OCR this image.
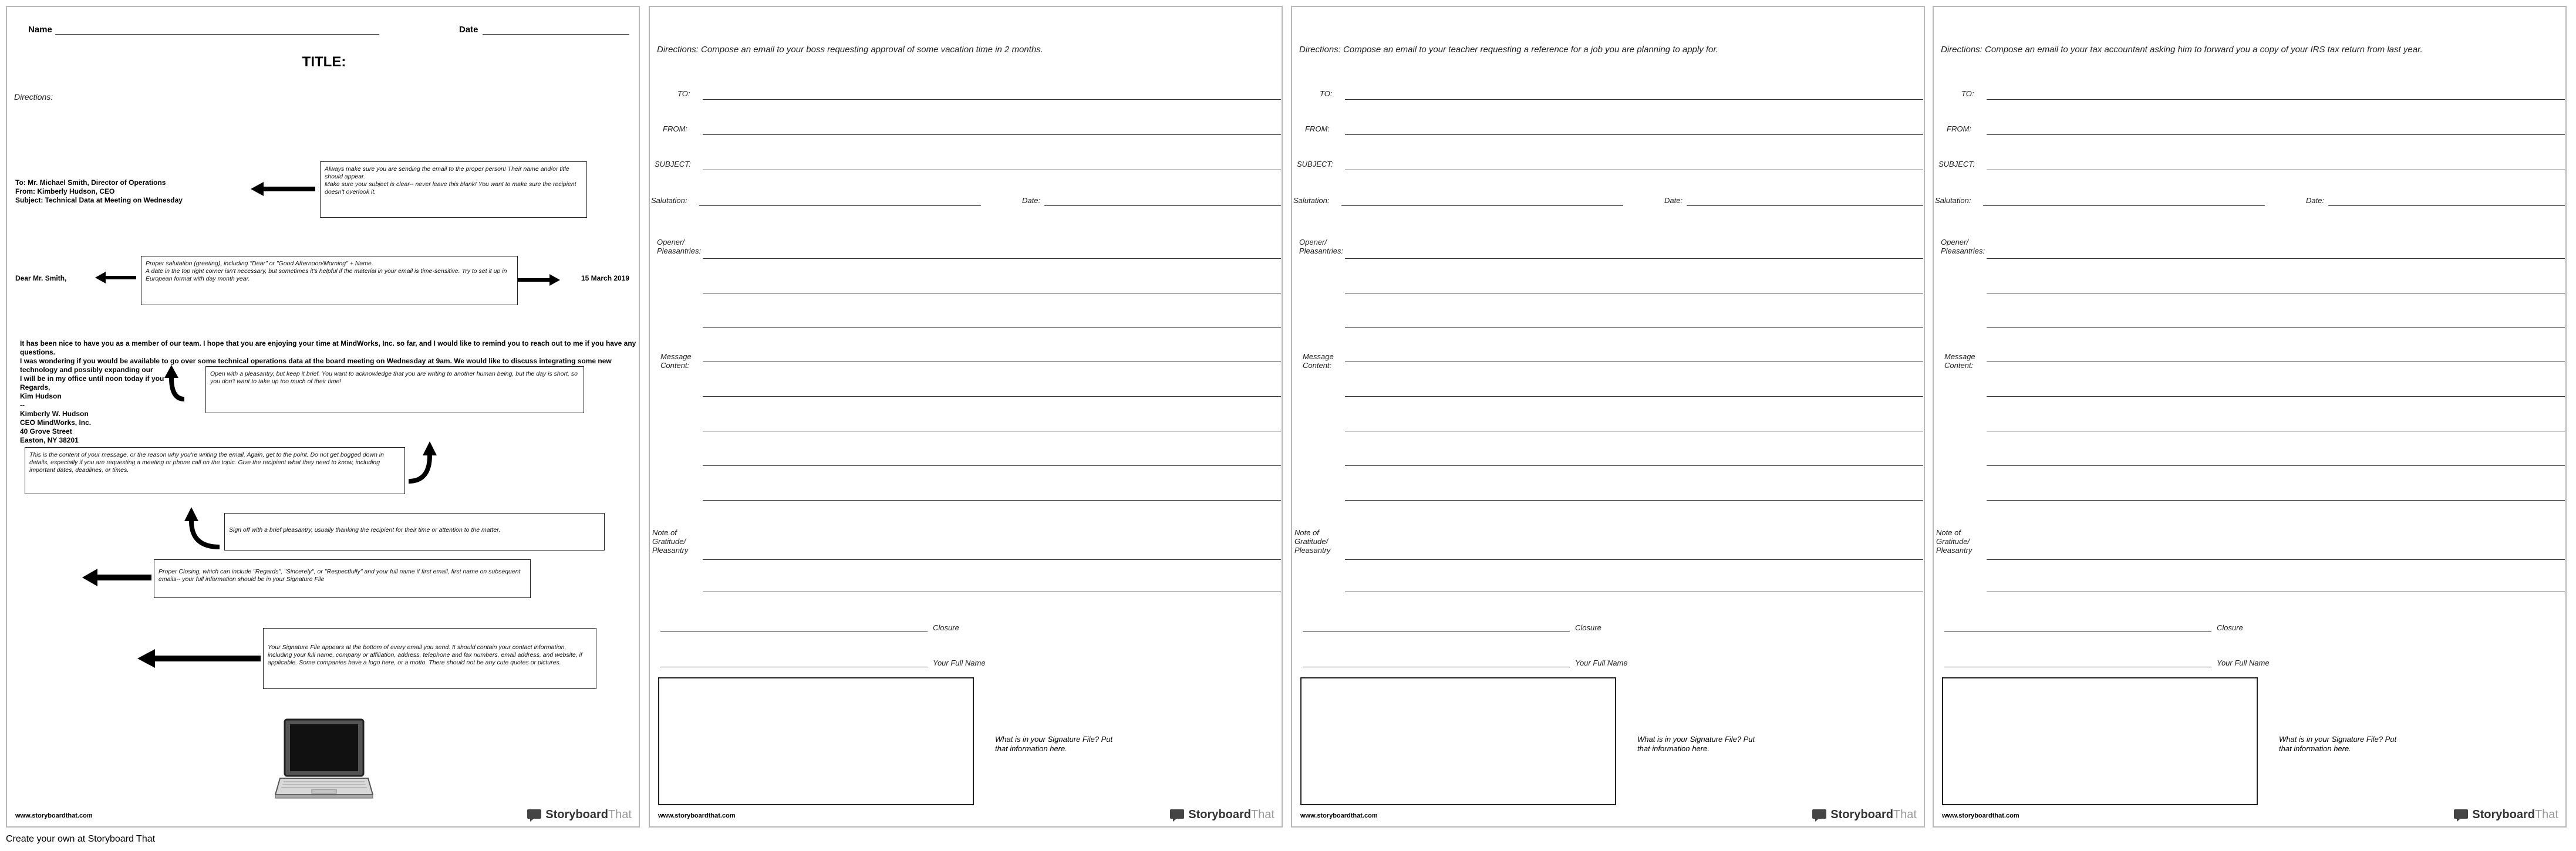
Name	Date
TITLE:
Directions:
To: Mr. Michael Smith, Director of Operations
From: Kimberly Hudson, CEO
Subject: Technical Data at Meeting on Wednesday
Always make sure you are sending the email to the proper person! Their name and/or title should appear.
Make sure your subject is clear-- never leave this blank! You want to make sure the recipient doesn't overlook it.
Dear Mr. Smith,
Proper salutation (greeting), including "Dear" or "Good Afternoon/Morning" + Name.
A date in the top right corner isn't necessary, but sometimes it's helpful if the material in your email is time-sensitive. Try to set it up in European format with day month year.	15 March 2019
It has been nice to have you as a member of our team. I hope that you are enjoying your time at MindWorks, Inc. so far, and I would like to remind you to reach out to me if you have any questions.
I was wondering if you would be available to go over some technical operations data at the board meeting on Wednesday at 9am. We would like to discuss integrating some new technology and possibly expanding our
I will be in my office until noon today if you
Regards,
Kim Hudson
--
Kimberly W. Hudson
CEO MindWorks, Inc.
40 Grove Street
Easton, NY 38201
Open with a pleasantry, but keep it brief. You want to acknowledge that you are writing to another human being, but the day is short, so you don't want to take up too much of their time!
This is the content of your message, or the reason why you're writing the email. Again, get to the point. Do not get bogged down in details, especially if you are requesting a meeting or phone call on the topic. Give the recipient what they need to know, including important dates, deadlines, or times.
Sign off with a brief pleasantry, usually thanking the recipient for their time or attention to the matter.
Proper Closing, which can include "Regards", "Sincerely", or "Respectfully" and your full name if first email, first name on subsequent emails-- your full information should be in your Signature File
Your Signature File appears at the bottom of every email you send. It should contain your contact information, including your full name, company or affiliation, address, telephone and fax numbers, email address, and website, if applicable. Some companies have a logo here, or a motto. There should not be any cute quotes or pictures.
www.storyboardthat.com	StoryboardThat
Directions: Compose an email to your boss requesting approval of some vacation time in 2 months.
TO:
FROM:
SUBJECT:
Salutation:	Date:
Opener/
Pleasantries:
Message
Content:
Note of
Gratitude/
Pleasantry
Closure
Your Full Name
What is in your Signature File? Put that information here.
www.storyboardthat.com	StoryboardThat
Directions: Compose an email to your teacher requesting a reference for a job you are planning to apply for.
TO:
FROM:
SUBJECT:
Salutation:	Date:
Opener/
Pleasantries:
Message
Content:
Note of
Gratitude/
Pleasantry
Closure
Your Full Name
What is in your Signature File? Put that information here.
www.storyboardthat.com	StoryboardThat
Directions: Compose an email to your tax accountant asking him to forward you a copy of your IRS tax return from last year.
TO:
FROM:
SUBJECT:
Salutation:	Date:
Opener/
Pleasantries:
Message
Content:
Note of
Gratitude/
Pleasantry
Closure
Your Full Name
What is in your Signature File? Put that information here.
www.storyboardthat.com	StoryboardThat
Create your own at Storyboard That
